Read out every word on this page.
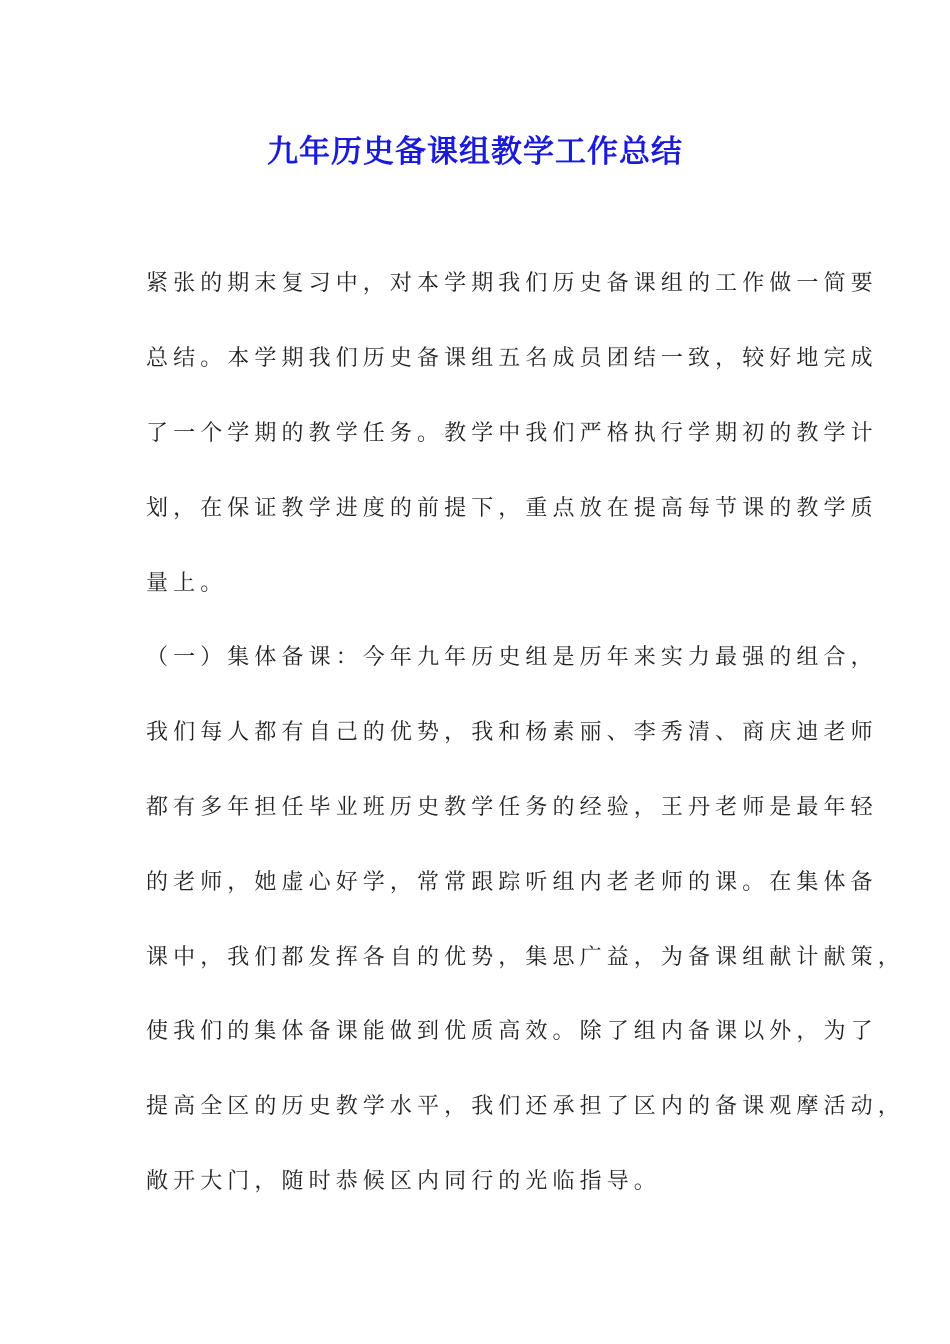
九年历史备课组教学工作总结
紧张的期末复习中，对本学期我们历史备课组的工作做一简要
总结。本学期我们历史备课组五名成员团结一致，较好地完成
了一个学期的教学任务。教学中我们严格执行学期初的教学计
划，在保证教学进度的前提下，重点放在提高每节课的教学质
量上。
（一）集体备课：今年九年历史组是历年来实力最强的组合，
我们每人都有自己的优势，我和杨素丽、李秀清、商庆迪老师
都有多年担任毕业班历史教学任务的经验，王丹老师是最年轻
的老师，她虚心好学，常常跟踪听组内老老师的课。在集体备
课中，我们都发挥各自的优势，集思广益，为备课组献计献策，
使我们的集体备课能做到优质高效。除了组内备课以外，为了
提高全区的历史教学水平，我们还承担了区内的备课观摩活动，
敞开大门，随时恭候区内同行的光临指导。
